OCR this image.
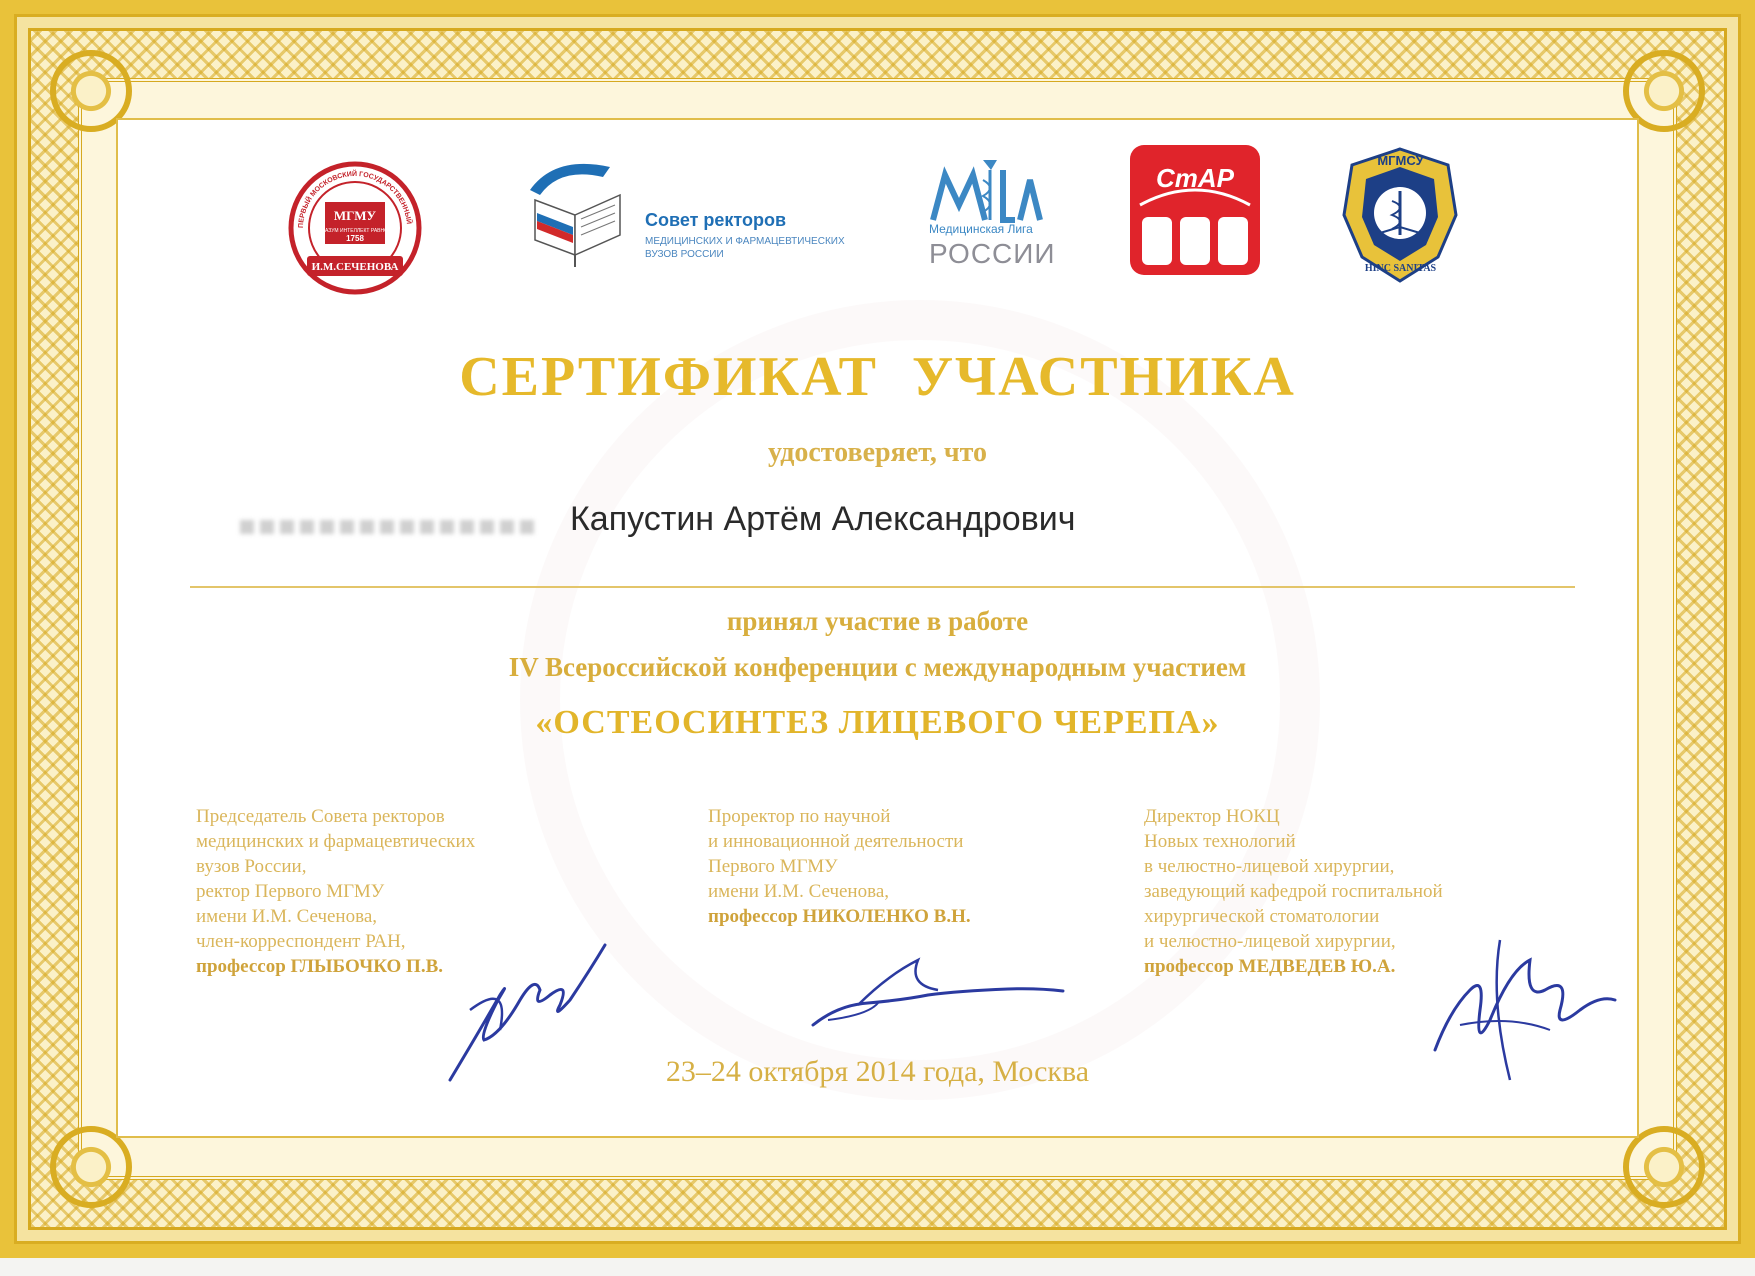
ПЕРВЫЙ МОСКОВСКИЙ ГОСУДАРСТВЕННЫЙ
МГМУ
РАЗУМ ИНТЕЛЛЕКТ РАВНО
1758
И.М.СЕЧЕНОВА
Совет ректоров
МЕДИЦИНСКИХ И ФАРМАЦЕВТИЧЕСКИХ ВУЗОВ РОССИИ
Медицинская Лига
РОССИИ
СтАР
МГМСУ
HINC SANITAS
СЕРТИФИКАТ УЧАСТНИКА
удостоверяет, что
Капустин Артём Александрович
принял участие в работе
IV Всероссийской конференции с международным участием
«ОСТЕОСИНТЕЗ ЛИЦЕВОГО ЧЕРЕПА»
Председатель Совета ректоров
медицинских и фармацевтических
вузов России,
ректор Первого МГМУ
имени И.М. Сеченова,
член-корреспондент РАН,
профессор ГЛЫБОЧКО П.В.
Проректор по научной
и инновационной деятельности
Первого МГМУ
имени И.М. Сеченова,
профессор НИКОЛЕНКО В.Н.
Директор НОКЦ
Новых технологий
в челюстно-лицевой хирургии,
заведующий кафедрой госпитальной
хирургической стоматологии
и челюстно-лицевой хирургии,
профессор МЕДВЕДЕВ Ю.А.
23–24 октября 2014 года, Москва
